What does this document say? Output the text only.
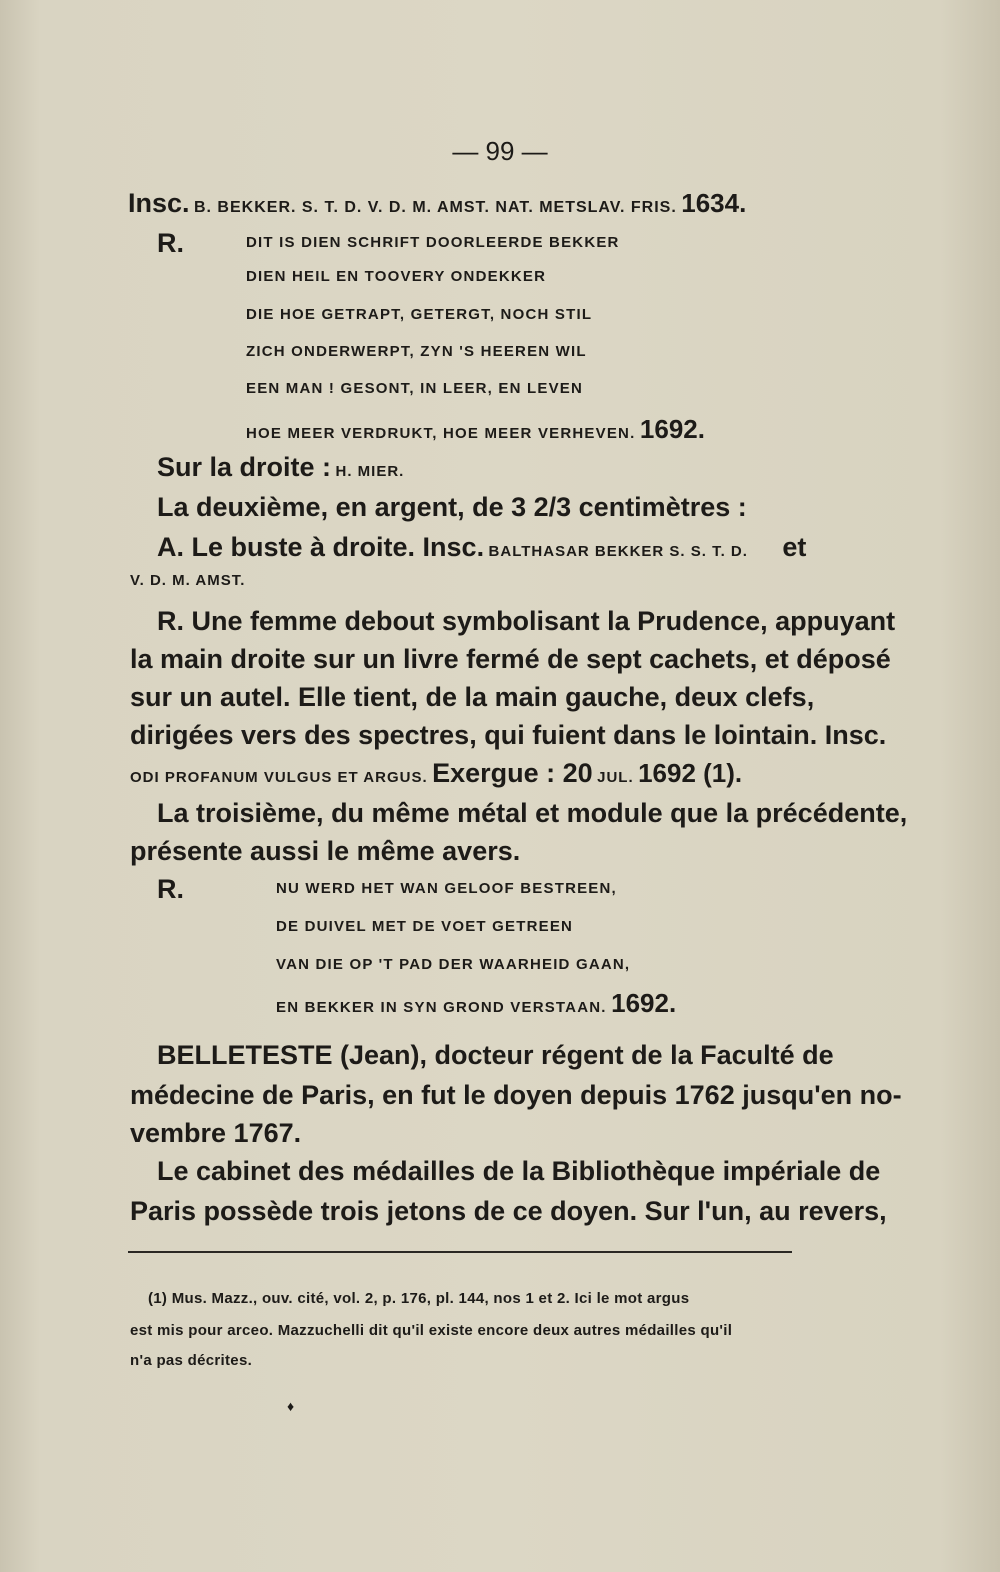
— 99 —
Insc. B. BEKKER. S. T. D. V. D. M. AMST. NAT. METSLAV. FRIS. 1634.
R.	DIT IS DIEN SCHRIFT DOORLEERDE BEKKER
DIEN HEIL EN TOOVERY ONDEKKER
DIE HOE GETRAPT, GETERGT, NOCH STIL
ZICH ONDERWERPT, ZYN 'S HEEREN WIL
EEN MAN ! GESONT, IN LEER, EN LEVEN
HOE MEER VERDRUKT, HOE MEER VERHEVEN. 1692.
Sur la droite : H. MIER.
La deuxième, en argent, de 3 2/3 centimètres :
A. Le buste à droite. Insc. BALTHASAR BEKKER S. S. T. D. et
V. D. M. AMST.
R. Une femme debout symbolisant la Prudence, appuyant
la main droite sur un livre fermé de sept cachets, et déposé
sur un autel. Elle tient, de la main gauche, deux clefs,
dirigées vers des spectres, qui fuient dans le lointain. Insc.
ODI PROFANUM VULGUS ET ARGUS. Exergue : 20 JUL. 1692 (1).
La troisième, du même métal et module que la précédente,
présente aussi le même avers.
R.	NU WERD HET WAN GELOOF BESTREEN,
DE DUIVEL MET DE VOET GETREEN
VAN DIE OP 'T PAD DER WAARHEID GAAN,
EN BEKKER IN SYN GROND VERSTAAN. 1692.
BELLETESTE (Jean), docteur régent de la Faculté de
médecine de Paris, en fut le doyen depuis 1762 jusqu'en no-
vembre 1767.
Le cabinet des médailles de la Bibliothèque impériale de
Paris possède trois jetons de ce doyen. Sur l'un, au revers,
(1) Mus. Mazz., ouv. cité, vol. 2, p. 176, pl. 144, nos 1 et 2. Ici le mot argus
est mis pour arceo. Mazzuchelli dit qu'il existe encore deux autres médailles qu'il
n'a pas décrites.
♦
